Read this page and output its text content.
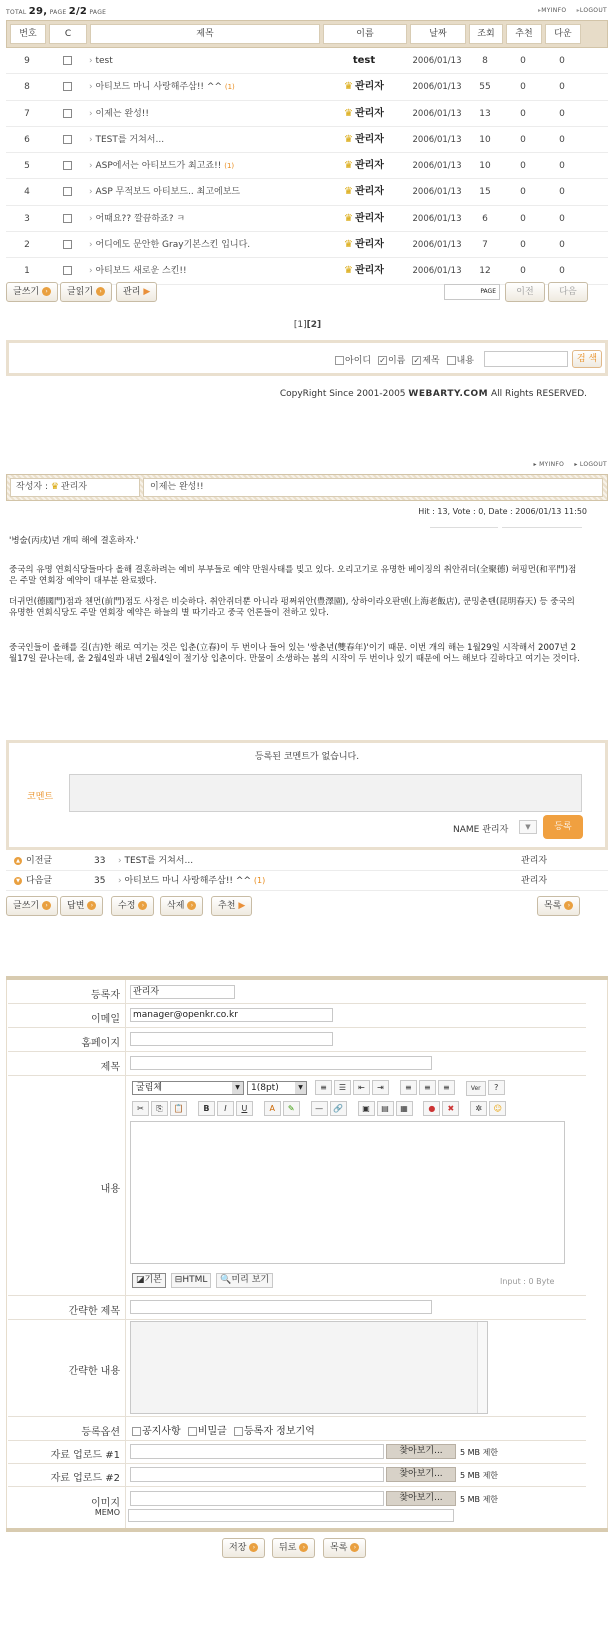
TOTAL 29, PAGE 2/2 PAGE	▸ MYINFO ▸ LOGOUT
번호	C	제목	이름	날짜	조회	추천	다운
9	› test	test	2006/01/13	8	0	0
8	› 아티보드 마니 사랑해주삼!! ^^ (1)	♛ 관리자	2006/01/13	55	0	0
7	› 이제는 완성!!	♛ 관리자	2006/01/13	13	0	0
6	› TEST를 거쳐서...	♛ 관리자	2006/01/13	10	0	0
5	› ASP에서는 아티보드가 최고죠!! (1)	♛ 관리자	2006/01/13	10	0	0
4	› ASP 무적보드 아티보드.. 최고에보드	♛ 관리자	2006/01/13	15	0	0
3	› 어때요?? 깔끔하죠? ㅋ	♛ 관리자	2006/01/13	6	0	0
2	› 어디에도 문안한 Gray기본스킨 입니다.	♛ 관리자	2006/01/13	7	0	0
1	› 아티보드 새로운 스킨!!	♛ 관리자	2006/01/13	12	0	0
글쓰기 ›	글읽기 ›	관리 ▶	PAGE	이전	다음
[1][2]
아이디 ✓ 이름 ✓ 제목 내용	검 색
CopyRight Since 2001-2005 WEBARTY.COM All Rights RESERVED.
▸ MYINFO ▸ LOGOUT
작성자 : ♛ 관리자	이제는 완성!!
Hit : 13, Vote : 0, Date : 2006/01/13 11:50

'병술(丙戌)년 개띠 해에 결혼하자.'

중국의 유명 연회식당들마다 올해 결혼하려는 예비 부부들로 예약 만원사태를 빚고 있다. 오리고기로 유명한 베이징의 취안쥐더(全聚德) 허핑먼(和平門)점은 주말 연회장 예약이 대부분 완료됐다.

더귀먼(德國門)점과 첸먼(前門)점도 사정은 비슷하다. 취안쥐더뿐 아니라 펑쩌위안(豊澤園), 상하이라오판뎬(上海老飯店), 쿤밍춘톈(昆明春天) 등 중국의 유명한 연회식당도 주말 연회장 예약은 하늘의 별 따기라고 중국 언론들이 전하고 있다.

중국인들이 올해를 길(吉)한 해로 여기는 것은 입춘(立春)이 두 번이나 들어 있는 '쌍춘년(雙春年)'이기 때문. 이번 개의 해는 1월29일 시작해서 2007년 2월17일 끝나는데, 올 2월4일과 내년 2월4일이 절기상 입춘이다. 만물이 소생하는 봄의 시작이 두 번이나 있기 때문에 어느 해보다 길하다고 여기는 것이다.

등록된 코멘트가 없습니다.
코멘트
NAME 관리자	▼	등록
▲ 이전글	33	› TEST를 거쳐서...	관리자
▼ 다음글	35	› 아티보드 마니 사랑해주삼!! ^^ (1)	관리자
글쓰기 ›	답변 ›	수정 ›	삭제 ›	추천 ▶	목록 ›
등록자	관리자
이메일	manager@openkr.co.kr
홈페이지
제목
굴림체	▼	1(8pt)	▼	≡ ☰ ⇤ ⇥	≡ ≡ ≡	Ver ?
✂ ⎘ 📋 B I U	A ✎	— 🔗 ▣ ▤ ▦	● ✖	✲ ☺
내용
◪기본 ⊟HTML 🔍미리 보기	Input : 0 Byte
간략한 제목
간략한 내용
등록옵션	공지사항 비밀글 등록자 정보기억
자료 업로드 #1	찾아보기...	5 MB 제한
자료 업로드 #2	찾아보기...	5 MB 제한
이미지
MEMO
찾아보기...	5 MB 제한
저장 ›	뒤로 ›	목록 ›
